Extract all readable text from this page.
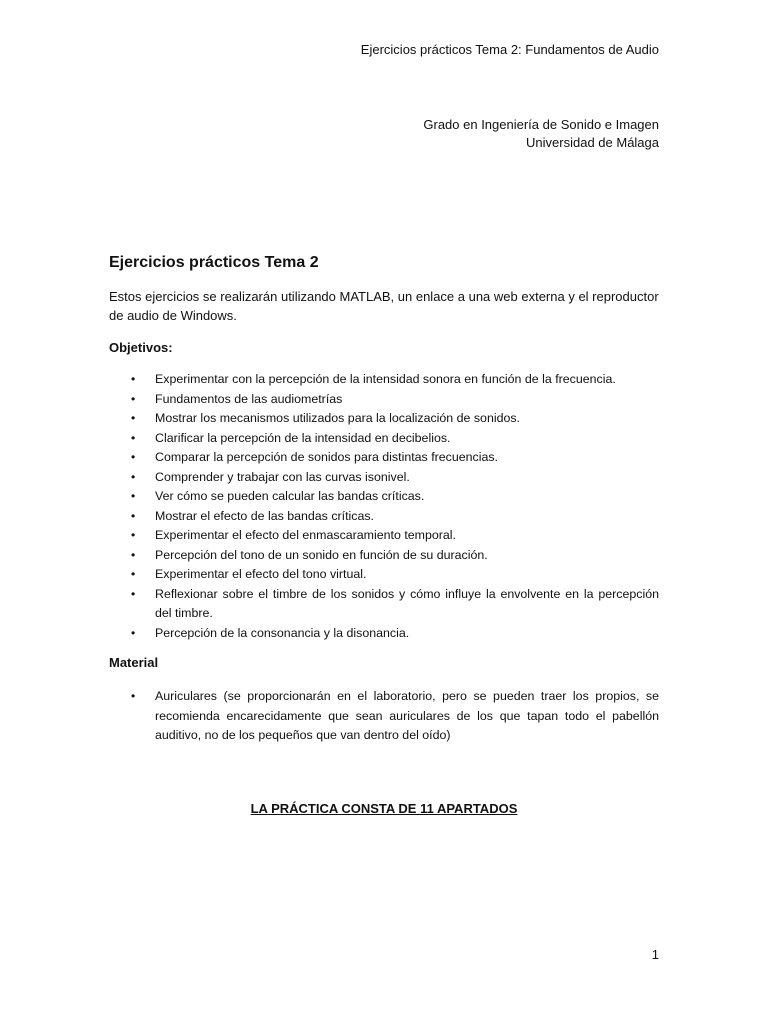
Ejercicios prácticos Tema 2: Fundamentos de Audio
Grado en Ingeniería de Sonido e Imagen
Universidad de Málaga
Ejercicios prácticos Tema 2

Estos ejercicios se realizarán utilizando MATLAB, un enlace a una web externa y el reproductor de audio de Windows.

Objetivos:
• Experimentar con la percepción de la intensidad sonora en función de la frecuencia.
• Fundamentos de las audiometrías
• Mostrar los mecanismos utilizados para la localización de sonidos.
• Clarificar la percepción de la intensidad en decibelios.
• Comparar la percepción de sonidos para distintas frecuencias.
• Comprender y trabajar con las curvas isonivel.
• Ver cómo se pueden calcular las bandas críticas.
• Mostrar el efecto de las bandas críticas.
• Experimentar el efecto del enmascaramiento temporal.
• Percepción del tono de un sonido en función de su duración.
• Experimentar el efecto del tono virtual.
• Reflexionar sobre el timbre de los sonidos y cómo influye la envolvente en la percepción del timbre.
• Percepción de la consonancia y la disonancia.
Material
• Auriculares (se proporcionarán en el laboratorio, pero se pueden traer los propios, se recomienda encarecidamente que sean auriculares de los que tapan todo el pabellón auditivo, no de los pequeños que van dentro del oído)
LA PRÁCTICA CONSTA DE 11 APARTADOS
1
